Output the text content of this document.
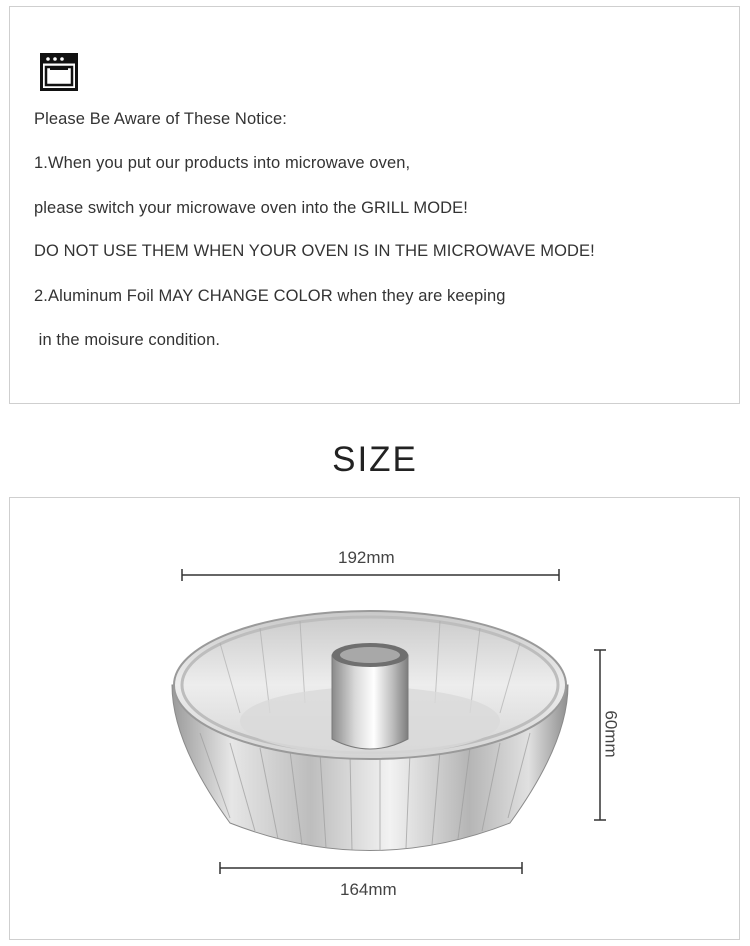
Please Be Aware of These Notice:
1.When you put our products into microwave oven,
please switch your microwave oven into the GRILL MODE!
DO NOT USE THEM WHEN YOUR OVEN IS IN THE MICROWAVE MODE!
2.Aluminum Foil MAY CHANGE COLOR when they are keeping
in the moisure condition.
SIZE
192mm
164mm
60mm
